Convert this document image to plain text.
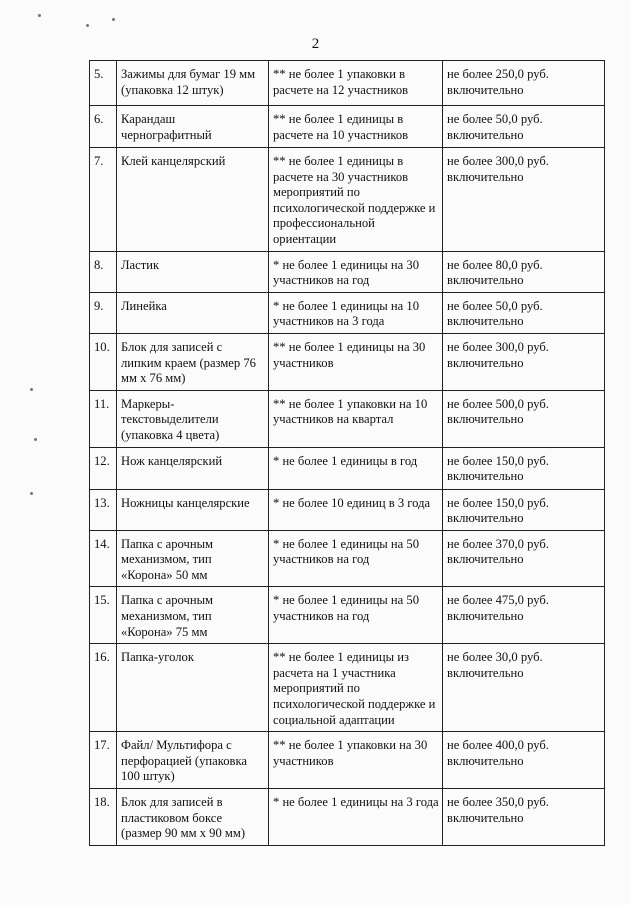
2
5.	Зажимы для бумаг 19 мм (упаковка 12 штук)	** не более 1 упаковки в расчете на 12 участников	не более 250,0 руб. включительно
6.	Карандаш чернографитный	** не более 1 единицы в расчете на 10 участников	не более 50,0 руб. включительно
7.	Клей канцелярский	** не более 1 единицы в расчете на 30 участников мероприятий по психологической поддержке и профессиональной ориентации	не более 300,0 руб. включительно
8.	Ластик	* не более 1 единицы на 30 участников на год	не более 80,0 руб. включительно
9.	Линейка	* не более 1 единицы на 10 участников на 3 года	не более 50,0 руб. включительно
10.	Блок для записей с липким краем (размер 76 мм х 76 мм)	** не более 1 единицы на 30 участников	не более 300,0 руб. включительно
11.	Маркеры-текстовыделители (упаковка 4 цвета)	** не более 1 упаковки на 10 участников на квартал	не более 500,0 руб. включительно
12.	Нож канцелярский	* не более 1 единицы в год	не более 150,0 руб. включительно
13.	Ножницы канцелярские	* не более 10 единиц в 3 года	не более 150,0 руб. включительно
14.	Папка с арочным механизмом, тип «Корона» 50 мм	* не более 1 единицы на 50 участников на год	не более 370,0 руб. включительно
15.	Папка с арочным механизмом, тип «Корона» 75 мм	* не более 1 единицы на 50 участников на год	не более 475,0 руб. включительно
16.	Папка-уголок	** не более 1 единицы из расчета на 1 участника мероприятий по психологической поддержке и социальной адаптации	не более 30,0 руб. включительно
17.	Файл/ Мультифора с перфорацией (упаковка 100 штук)	** не более 1 упаковки на 30 участников	не более 400,0 руб. включительно
18.	Блок для записей в пластиковом боксе (размер 90 мм х 90 мм)	* не более 1 единицы на 3 года	не более 350,0 руб. включительно
